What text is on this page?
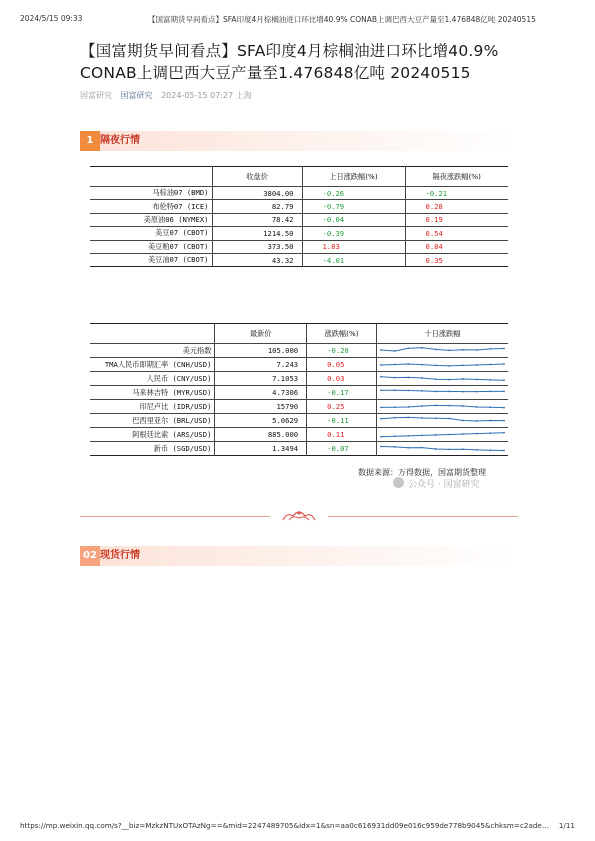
2024/5/15 09:33	【国富期货早间看点】SFA印度4月棕榈油进口环比增40.9% CONAB上调巴西大豆产量至1.476848亿吨 20240515
【国富期货早间看点】SFA印度4月棕榈油进口环比增40.9% CONAB上调巴西大豆产量至1.476848亿吨 20240515
国富研究 国富研究 2024-05-15 07:27 上海
1 隔夜行情
	收盘价	上日涨跌幅(%)	隔夜涨跌幅(%)
马棕油07 (BMD)	3804.00	-0.26	-0.21
布伦特07 (ICE)	82.79	-0.79	0.28
美原油06 (NYMEX)	78.42	-0.04	0.19
美豆07 (CBOT)	1214.50	-0.39	0.54
美豆粕07 (CBOT)	373.50	1.83	0.84
美豆油07 (CBOT)	43.32	-4.01	0.35
	最新价	涨跌幅(%)	十日涨跌幅
美元指数	105.000	-0.20	

TMA人民币即期汇率 (CNH/USD)	7.243	0.05	

人民币 (CNY/USD)	7.1053	0.03	

马来林吉特 (MYR/USD)	4.7306	-0.17	

印尼卢比 (IDR/USD)	15790	0.25	

巴西里亚尔 (BRL/USD)	5.0629	-0.11	

阿根廷比索 (ARS/USD)	885.000	0.11	

新币 (SGD/USD)	1.3494	-0.07	
数据来源：万得数据，国富期货整理
公众号 · 国富研究
02 现货行情
https://mp.weixin.qq.com/s?__biz=MzkzNTUxOTAzNg==&mid=2247489705&idx=1&sn=aa0c616931dd09e016c959de778b9045&chksm=c2ade… 1/11
